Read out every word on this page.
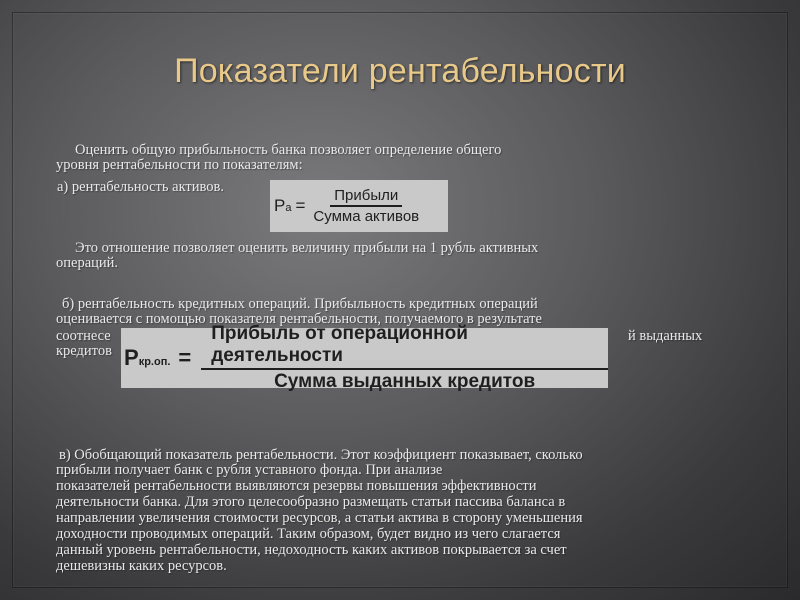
Показатели рентабельности

Оценить общую прибыльность банка позволяет определение общего

уровня рентабельности по показателям:

а) рентабельность активов.

P $а = \frac{\text{Прибыли}}{\text{Сумма активов}}$

Это отношение позволяет оценить величину прибыли на 1 рубль активных

операций.

б) рентабельность кредитных операций. Прибыльность кредитных операций

оценивается с помощью показателя рентабельности, получаемого в результате

соотнесе	й выданных

кредитов P кр.оп. = $\frac{\text{Прибыль от операционной деятельности}}{\text{Сумма выданных кредитов}}$

в) Обобщающий показатель рентабельности. Этот коэффициент показывает, сколько

прибыли получает банк с рубля уставного фонда. При анализе

показателей рентабельности выявляются резервы повышения эффективности

деятельности банка. Для этого целесообразно размещать статьи пассива баланса в

направлении увеличения стоимости ресурсов, а статьи актива в сторону уменьшения

доходности проводимых операций. Таким образом, будет видно из чего слагается

данный уровень рентабельности, недоходность каких активов покрывается за счет

дешевизны каких ресурсов.
